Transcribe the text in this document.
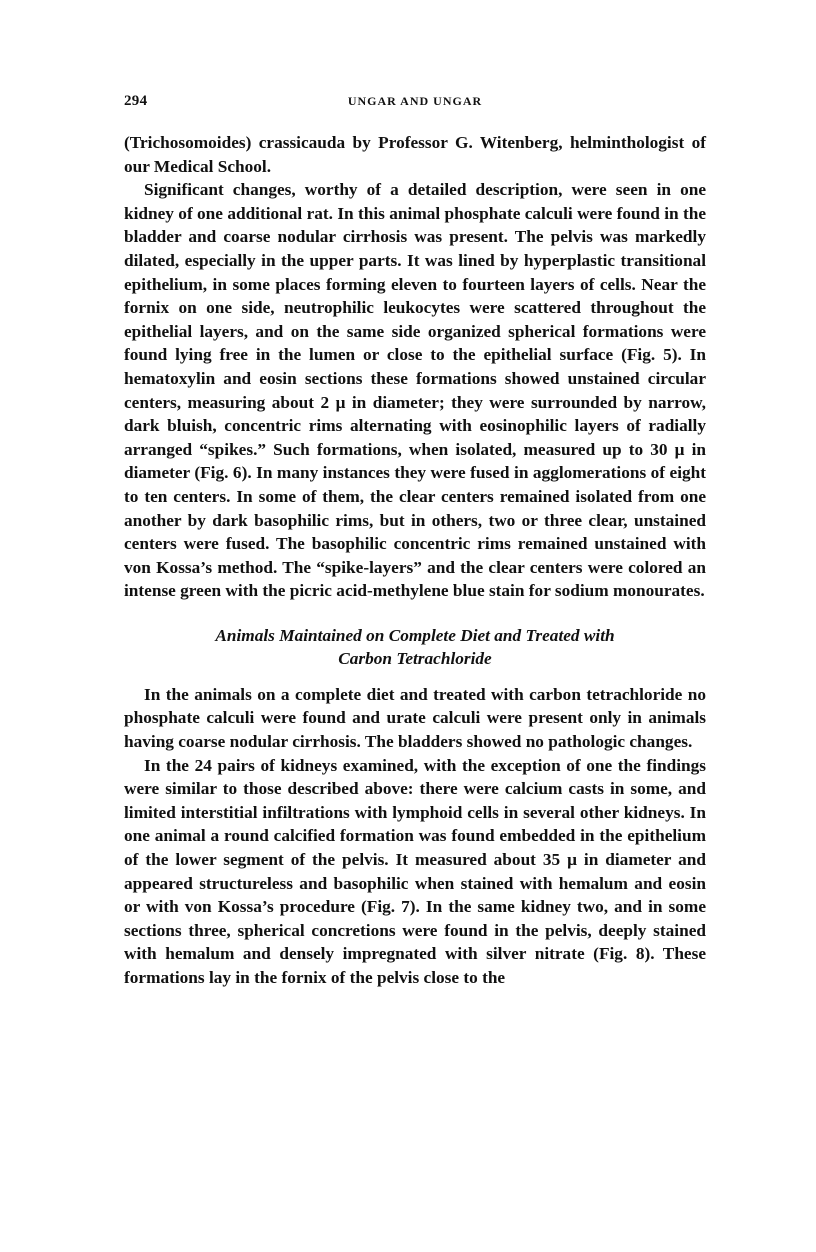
294	UNGAR AND UNGAR

(Trichosomoides) crassicauda by Professor G. Witenberg, helminthologist of our Medical School.

Significant changes, worthy of a detailed description, were seen in one kidney of one additional rat. In this animal phosphate calculi were found in the bladder and coarse nodular cirrhosis was present. The pelvis was markedly dilated, especially in the upper parts. It was lined by hyperplastic transitional epithelium, in some places forming eleven to fourteen layers of cells. Near the fornix on one side, neutrophilic leukocytes were scattered throughout the epithelial layers, and on the same side organized spherical formations were found lying free in the lumen or close to the epithelial surface (Fig. 5). In hematoxylin and eosin sections these formations showed unstained circular centers, measuring about 2 μ in diameter; they were surrounded by narrow, dark bluish, concentric rims alternating with eosinophilic layers of radially arranged “spikes.” Such formations, when isolated, measured up to 30 μ in diameter (Fig. 6). In many instances they were fused in agglomerations of eight to ten centers. In some of them, the clear centers remained isolated from one another by dark basophilic rims, but in others, two or three clear, unstained centers were fused. The basophilic concentric rims remained unstained with von Kossa’s method. The “spike-layers” and the clear centers were colored an intense green with the picric acid-methylene blue stain for sodium monourates.

Animals Maintained on Complete Diet and Treated with
Carbon Tetrachloride

In the animals on a complete diet and treated with carbon tetrachloride no phosphate calculi were found and urate calculi were present only in animals having coarse nodular cirrhosis. The bladders showed no pathologic changes.

In the 24 pairs of kidneys examined, with the exception of one the findings were similar to those described above: there were calcium casts in some, and limited interstitial infiltrations with lymphoid cells in several other kidneys. In one animal a round calcified formation was found embedded in the epithelium of the lower segment of the pelvis. It measured about 35 μ in diameter and appeared structureless and basophilic when stained with hemalum and eosin or with von Kossa’s procedure (Fig. 7). In the same kidney two, and in some sections three, spherical concretions were found in the pelvis, deeply stained with hemalum and densely impregnated with silver nitrate (Fig. 8). These formations lay in the fornix of the pelvis close to the
